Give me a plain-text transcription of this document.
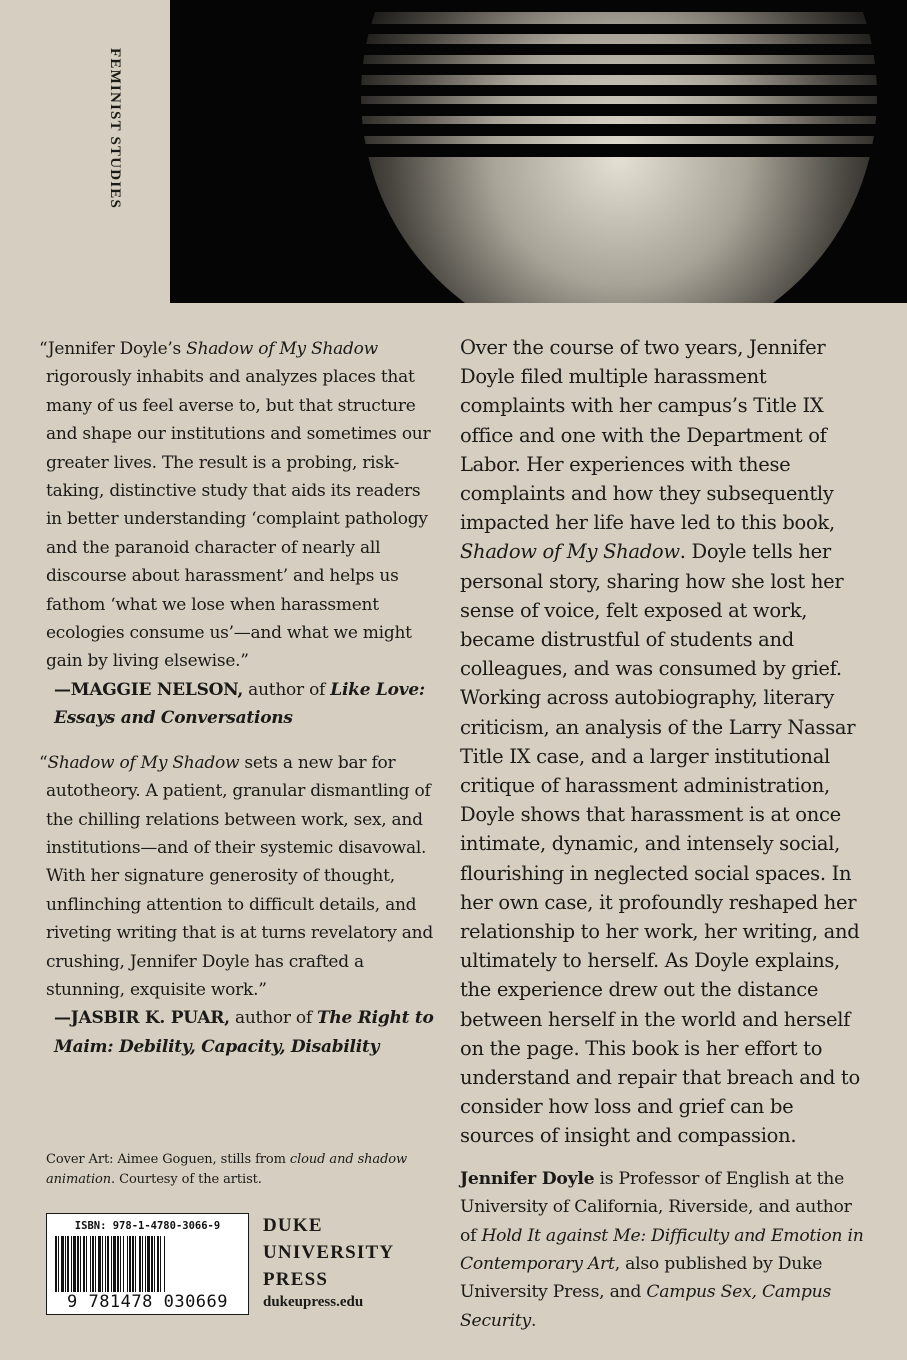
FEMINIST STUDIES

“Jennifer Doyle’s Shadow of My Shadow rigorously inhabits and analyzes places that many of us feel averse to, but that structure and shape our institutions and sometimes our greater lives. The result is a probing, risk-taking, distinctive study that aids its readers in better understanding ‘complaint pathology and the paranoid character of nearly all discourse about harassment’ and helps us fathom ‘what we lose when harassment ecologies consume us’—and what we might gain by living elsewise.”

—MAGGIE NELSON, author of Like Love: Essays and Conversations

“Shadow of My Shadow sets a new bar for autotheory. A patient, granular dismantling of the chilling relations between work, sex, and institutions—and of their systemic disavowal. With her signature generosity of thought, unflinching attention to difficult details, and riveting writing that is at turns revelatory and crushing, Jennifer Doyle has crafted a stunning, exquisite work.”

—JASBIR K. PUAR, author of The Right to Maim: Debility, Capacity, Disability

Over the course of two years, Jennifer Doyle filed multiple harassment complaints with her campus’s Title IX office and one with the Department of Labor. Her experiences with these complaints and how they subsequently impacted her life have led to this book, Shadow of My Shadow. Doyle tells her personal story, sharing how she lost her sense of voice, felt exposed at work, became distrustful of students and colleagues, and was consumed by grief. Working across autobiography, literary criticism, an analysis of the Larry Nassar Title IX case, and a larger institutional critique of harassment administration, Doyle shows that harassment is at once intimate, dynamic, and intensely social, flourishing in neglected social spaces. In her own case, it profoundly reshaped her relationship to her work, her writing, and ultimately to herself. As Doyle explains, the experience drew out the distance between herself in the world and herself on the page. This book is her effort to understand and repair that breach and to consider how loss and grief can be sources of insight and compassion.

Jennifer Doyle is Professor of English at the University of California, Riverside, and author of Hold It against Me: Difficulty and Emotion in Contemporary Art, also published by Duke University Press, and Campus Sex, Campus Security.

Cover Art: Aimee Goguen, stills from cloud and shadow animation. Courtesy of the artist.

ISBN: 978-1-4780-3066-9
9 781478 030669
DUKE
UNIVERSITY
PRESS

dukeupress.edu
